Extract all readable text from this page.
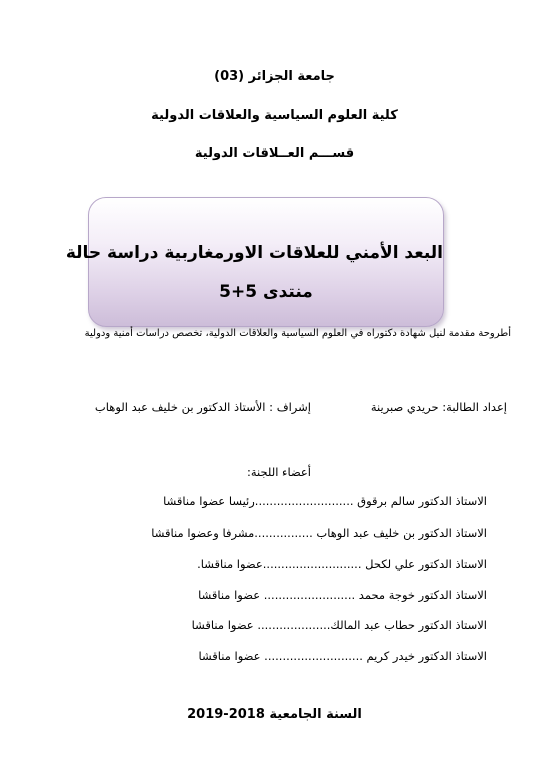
جامعة الجزائر (03)
كلية العلوم السياسية والعلاقات الدولية
قســـم العــلاقات الدولية
البعد الأمني للعلاقات الاورمغاربية دراسة حالة
منتدى 5+5
أطروحة مقدمة لنيل شهادة دكتوراه في العلوم السياسية والعلاقات الدولية، تخصص دراسات أمنية ودولية
إعداد الطالبة: حريدي صبرينة
إشراف : الأستاذ الدكتور بن خليف عبد الوهاب
أعضاء اللجنة:
الاستاذ الدكتور سالم برقوق ...........................رئيسا عضوا مناقشا
الاستاذ الدكتور بن خليف عبد الوهاب ................مشرفا وعضوا مناقشا
الاستاذ الدكتور علي لكحل ...........................عضوا مناقشا.
الاستاذ الدكتور خوجة محمد ......................... عضوا مناقشا
الاستاذ الدكتور حطاب عبد المالك.................... عضوا مناقشا
الاستاذ الدكتور خيدر كريم ........................... عضوا مناقشا
السنة الجامعية 2018-2019
